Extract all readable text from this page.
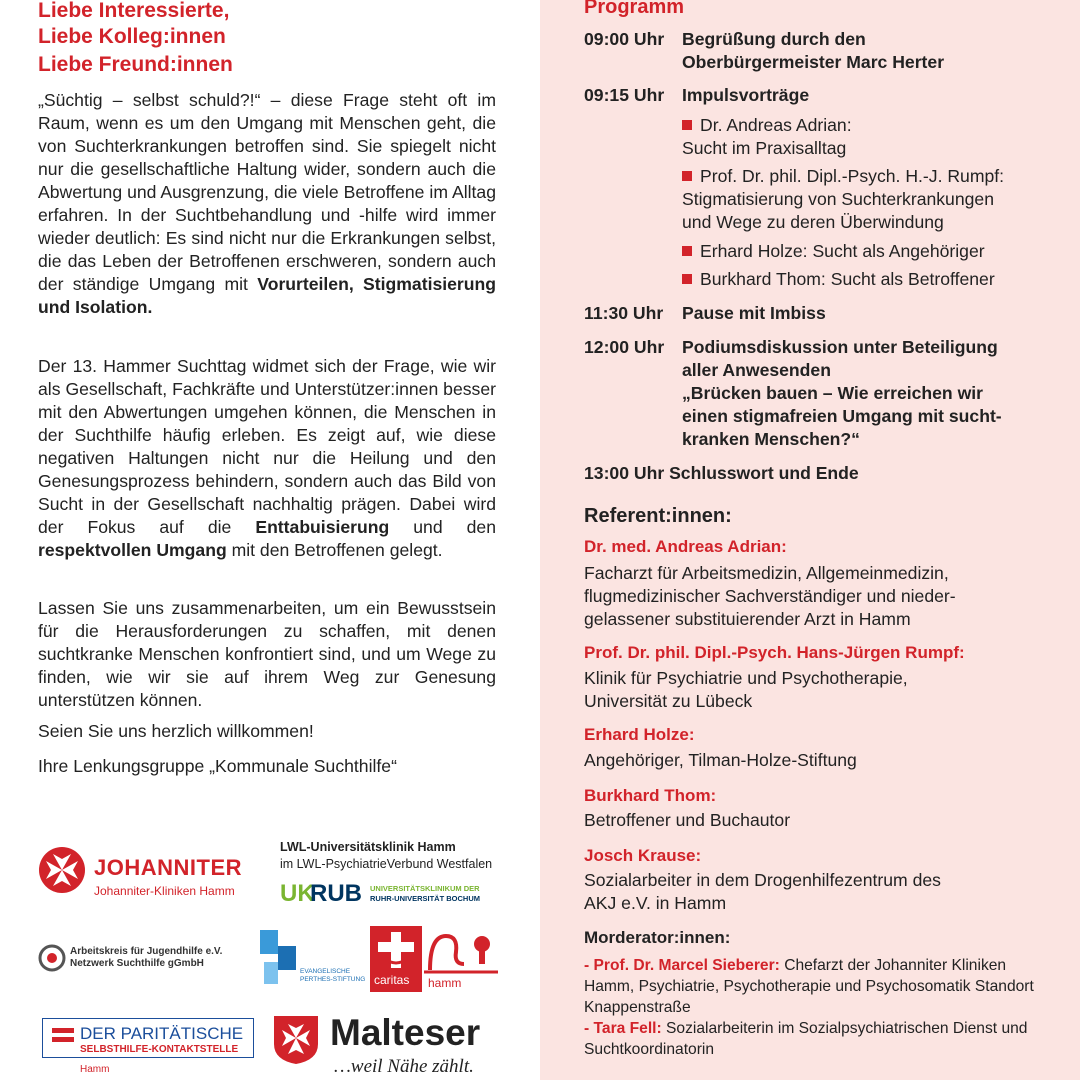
Liebe Interessierte,
Liebe Kolleg:innen
Liebe Freund:innen
„Süchtig – selbst schuld?!“ – diese Frage steht oft im Raum, wenn es um den Umgang mit Menschen geht, die von Suchterkrankungen betroffen sind. Sie spiegelt nicht nur die gesellschaftliche Haltung wider, sondern auch die Abwertung und Ausgrenzung, die viele Betroffene im Alltag erfahren. In der Suchtbehandlung und -hilfe wird immer wieder deutlich: Es sind nicht nur die Erkrankungen selbst, die das Leben der Betroffenen erschweren, sondern auch der ständige Umgang mit Vorurteilen, Stigmatisierung und Isolation.
Der 13. Hammer Suchttag widmet sich der Frage, wie wir als Gesellschaft, Fachkräfte und Unterstützer:innen besser mit den Abwertungen umgehen können, die Menschen in der Suchthilfe häufig erleben. Es zeigt auf, wie diese negativen Haltungen nicht nur die Heilung und den Genesungsprozess behindern, sondern auch das Bild von Sucht in der Gesellschaft nachhaltig prägen. Dabei wird der Fokus auf die Enttabuisierung und den respektvollen Umgang mit den Betroffenen gelegt.
Lassen Sie uns zusammenarbeiten, um ein Bewusstsein für die Herausforderungen zu schaffen, mit denen suchtkranke Menschen konfrontiert sind, und um Wege zu finden, wie wir sie auf ihrem Weg zur Genesung unterstützen können.
Seien Sie uns herzlich willkommen!
Ihre Lenkungsgruppe „Kommunale Suchthilfe“
JOHANNITER
Johanniter-Kliniken Hamm
LWL-Universitätsklinik Hamm
im LWL-PsychiatrieVerbund Westfalen
UK
RUB UNIVERSITÄTSKLINIKUM DER
RUHR-UNIVERSITÄT BOCHUM
Arbeitskreis für Jugendhilfe e.V.
Netzwerk Suchthilfe gGmbH
EVANGELISCHE
PERTHES-STIFTUNG caritas hamm
DER PARITÄTISCHE
SELBSTHILFE-KONTAKTSTELLE
Hamm
Malteser
…weil Nähe zählt.
Programm
09:00 Uhr Begrüßung durch den
Oberbürgermeister Marc Herter
09:15 Uhr Impulsvorträge
Dr. Andreas Adrian:
Sucht im Praxisalltag
Prof. Dr. phil. Dipl.-Psych. H.-J. Rumpf:
Stigmatisierung von Suchterkrankungen
und Wege zu deren Überwindung
Erhard Holze: Sucht als Angehöriger
Burkhard Thom: Sucht als Betroffener
11:30 Uhr Pause mit Imbiss
12:00 Uhr Podiumsdiskussion unter Beteiligung
aller Anwesenden
„Brücken bauen – Wie erreichen wir
einen stigmafreien Umgang mit sucht-
kranken Menschen?“
13:00 Uhr Schlusswort und Ende
Referent:innen:
Dr. med. Andreas Adrian:
Facharzt für Arbeitsmedizin, Allgemeinmedizin,
flugmedizinischer Sachverständiger und nieder-
gelassener substituierender Arzt in Hamm
Prof. Dr. phil. Dipl.-Psych. Hans-Jürgen Rumpf:
Klinik für Psychiatrie und Psychotherapie,
Universität zu Lübeck
Erhard Holze:
Angehöriger, Tilman-Holze-Stiftung
Burkhard Thom:
Betroffener und Buchautor
Josch Krause:
Sozialarbeiter in dem Drogenhilfezentrum des
AKJ e.V. in Hamm
Morderator:innen:
- Prof. Dr. Marcel Sieberer: Chefarzt der Johanniter Kliniken Hamm, Psychiatrie, Psychotherapie und Psychosomatik Standort Knappenstraße
- Tara Fell: Sozialarbeiterin im Sozialpsychiatrischen Dienst und Suchtkoordinatorin
